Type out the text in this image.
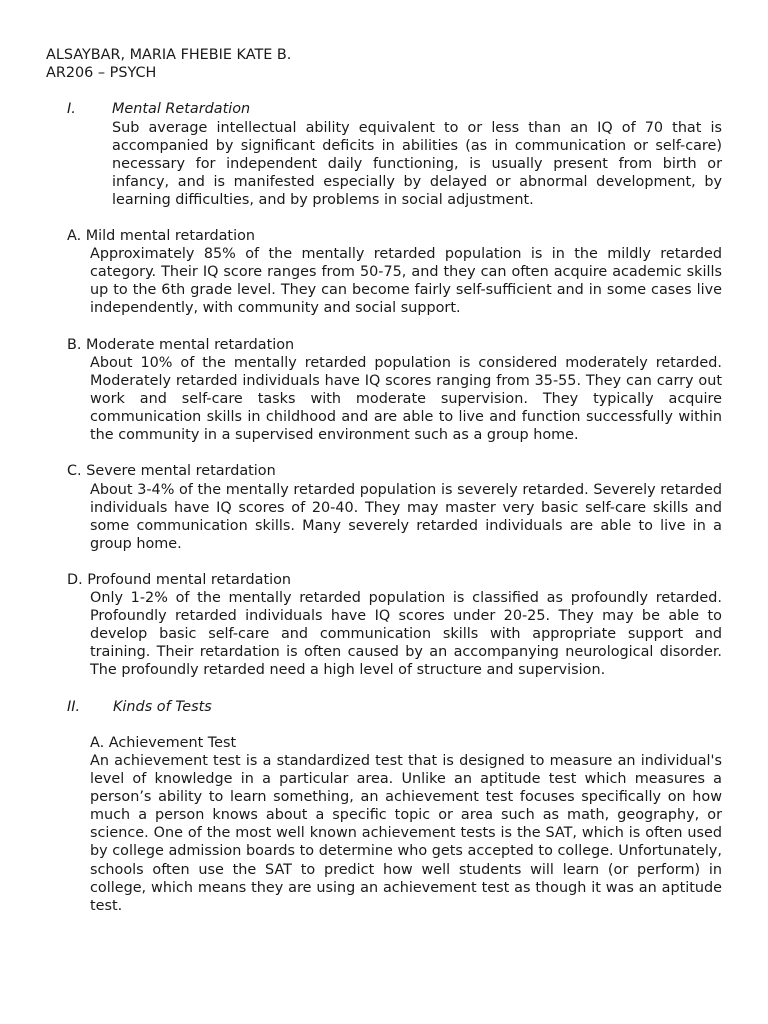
ALSAYBAR, MARIA FHEBIE KATE B.
AR206 – PSYCH
I.	Mental Retardation
Sub average intellectual ability equivalent to or less than an IQ of 70 that is accompanied by significant deficits in abilities (as in communication or self-care) necessary for independent daily functioning, is usually present from birth or infancy, and is manifested especially by delayed or abnormal development, by learning difficulties, and by problems in social adjustment.
A. Mild mental retardation
Approximately 85% of the mentally retarded population is in the mildly retarded category. Their IQ score ranges from 50-75, and they can often acquire academic skills up to the 6th grade level. They can become fairly self-sufficient and in some cases live independently, with community and social support.
B. Moderate mental retardation
About 10% of the mentally retarded population is considered moderately retarded. Moderately retarded individuals have IQ scores ranging from 35-55. They can carry out work and self-care tasks with moderate supervision. They typically acquire communication skills in childhood and are able to live and function successfully within the community in a supervised environment such as a group home.
C. Severe mental retardation
About 3-4% of the mentally retarded population is severely retarded. Severely retarded individuals have IQ scores of 20-40. They may master very basic self-care skills and some communication skills. Many severely retarded individuals are able to live in a group home.
D. Profound mental retardation
Only 1-2% of the mentally retarded population is classified as profoundly retarded. Profoundly retarded individuals have IQ scores under 20-25. They may be able to develop basic self-care and communication skills with appropriate support and training. Their retardation is often caused by an accompanying neurological disorder. The profoundly retarded need a high level of structure and supervision.
II. Kinds of Tests
A. Achievement Test
An achievement test is a standardized test that is designed to measure an individual's level of knowledge in a particular area. Unlike an aptitude test which measures a person’s ability to learn something, an achievement test focuses specifically on how much a person knows about a specific topic or area such as math, geography, or science. One of the most well known achievement tests is the SAT, which is often used by college admission boards to determine who gets accepted to college. Unfortunately, schools often use the SAT to predict how well students will learn (or perform) in college, which means they are using an achievement test as though it was an aptitude test.
